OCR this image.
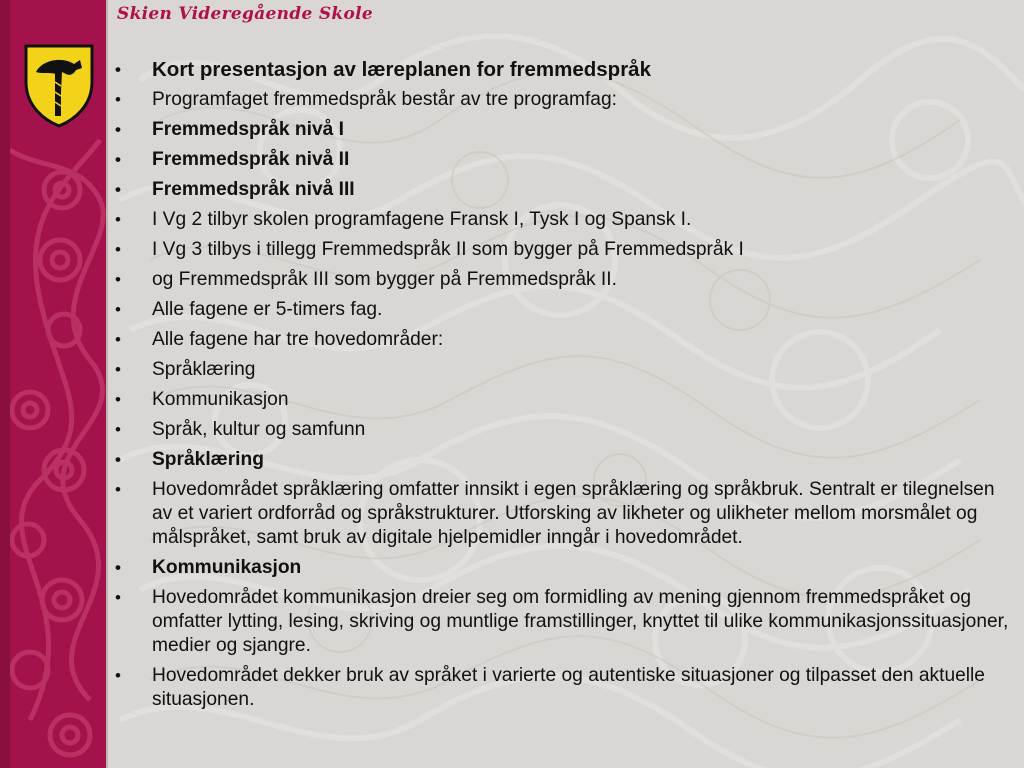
Skien Videregående Skole
• Kort presentasjon av læreplanen for fremmedspråk
• Programfaget fremmedspråk består av tre programfag:
• Fremmedspråk nivå I
• Fremmedspråk nivå II
• Fremmedspråk nivå III
• I Vg 2 tilbyr skolen programfagene Fransk I, Tysk I og Spansk I.
• I Vg 3 tilbys i tillegg Fremmedspråk II som bygger på Fremmedspråk I
• og Fremmedspråk III som bygger på Fremmedspråk II.
• Alle fagene er 5-timers fag.
• Alle fagene har tre hovedområder:
• Språklæring
• Kommunikasjon
• Språk, kultur og samfunn
• Språklæring
• Hovedområdet språklæring omfatter innsikt i egen språklæring og språkbruk. Sentralt er tilegnelsen av et variert ordforråd og språkstrukturer. Utforsking av likheter og ulikheter mellom morsmålet og målspråket, samt bruk av digitale hjelpemidler inngår i hovedområdet.
• Kommunikasjon
• Hovedområdet kommunikasjon dreier seg om formidling av mening gjennom fremmedspråket og omfatter lytting, lesing, skriving og muntlige framstillinger, knyttet til ulike kommunikasjonssituasjoner, medier og sjangre.
• Hovedområdet dekker bruk av språket i varierte og autentiske situasjoner og tilpasset den aktuelle situasjonen.
